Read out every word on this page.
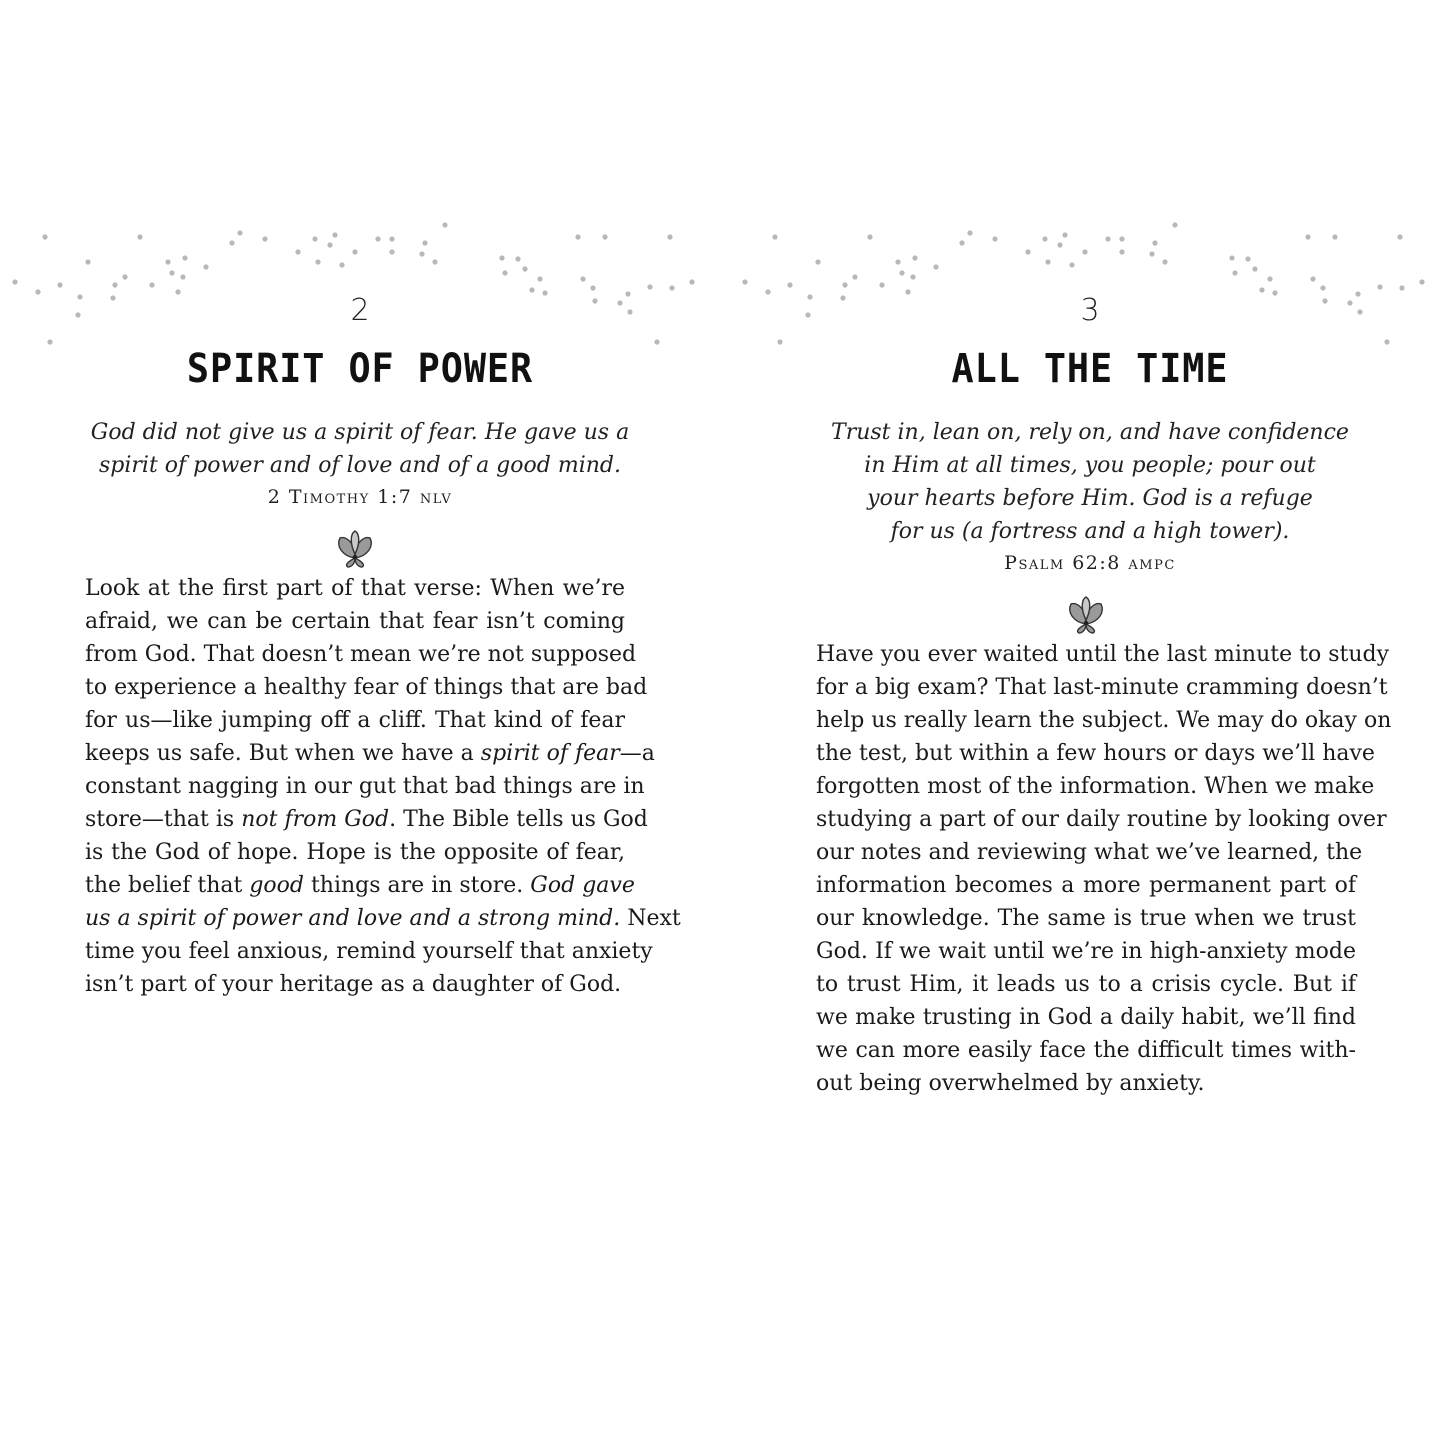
2
SPIRIT OF POWER
God did not give us a spirit of fear. He gave us a
spirit of power and of love and of a good mind.
2 Timothy 1:7 nlv
Look at the first part of that verse: When we’re
afraid, we can be certain that fear isn’t coming
from God. That doesn’t mean we’re not supposed
to experience a healthy fear of things that are bad
for us—like jumping off a cliff. That kind of fear
keeps us safe. But when we have a spirit of fear—a
constant nagging in our gut that bad things are in
store—that is not from God. The Bible tells us God
is the God of hope. Hope is the opposite of fear,
the belief that good things are in store. God gave
us a spirit of power and love and a strong mind. Next
time you feel anxious, remind yourself that anxiety
isn’t part of your heritage as a daughter of God.
3
ALL THE TIME
Trust in, lean on, rely on, and have confidence
in Him at all times, you people; pour out
your hearts before Him. God is a refuge
for us (a fortress and a high tower).
Psalm 62:8 ampc
Have you ever waited until the last minute to study
for a big exam? That last-minute cramming doesn’t
help us really learn the subject. We may do okay on
the test, but within a few hours or days we’ll have
forgotten most of the information. When we make
studying a part of our daily routine by looking over
our notes and reviewing what we’ve learned, the
information becomes a more permanent part of
our knowledge. The same is true when we trust
God. If we wait until we’re in high-anxiety mode
to trust Him, it leads us to a crisis cycle. But if
we make trusting in God a daily habit, we’ll find
we can more easily face the difficult times with-
out being overwhelmed by anxiety.
